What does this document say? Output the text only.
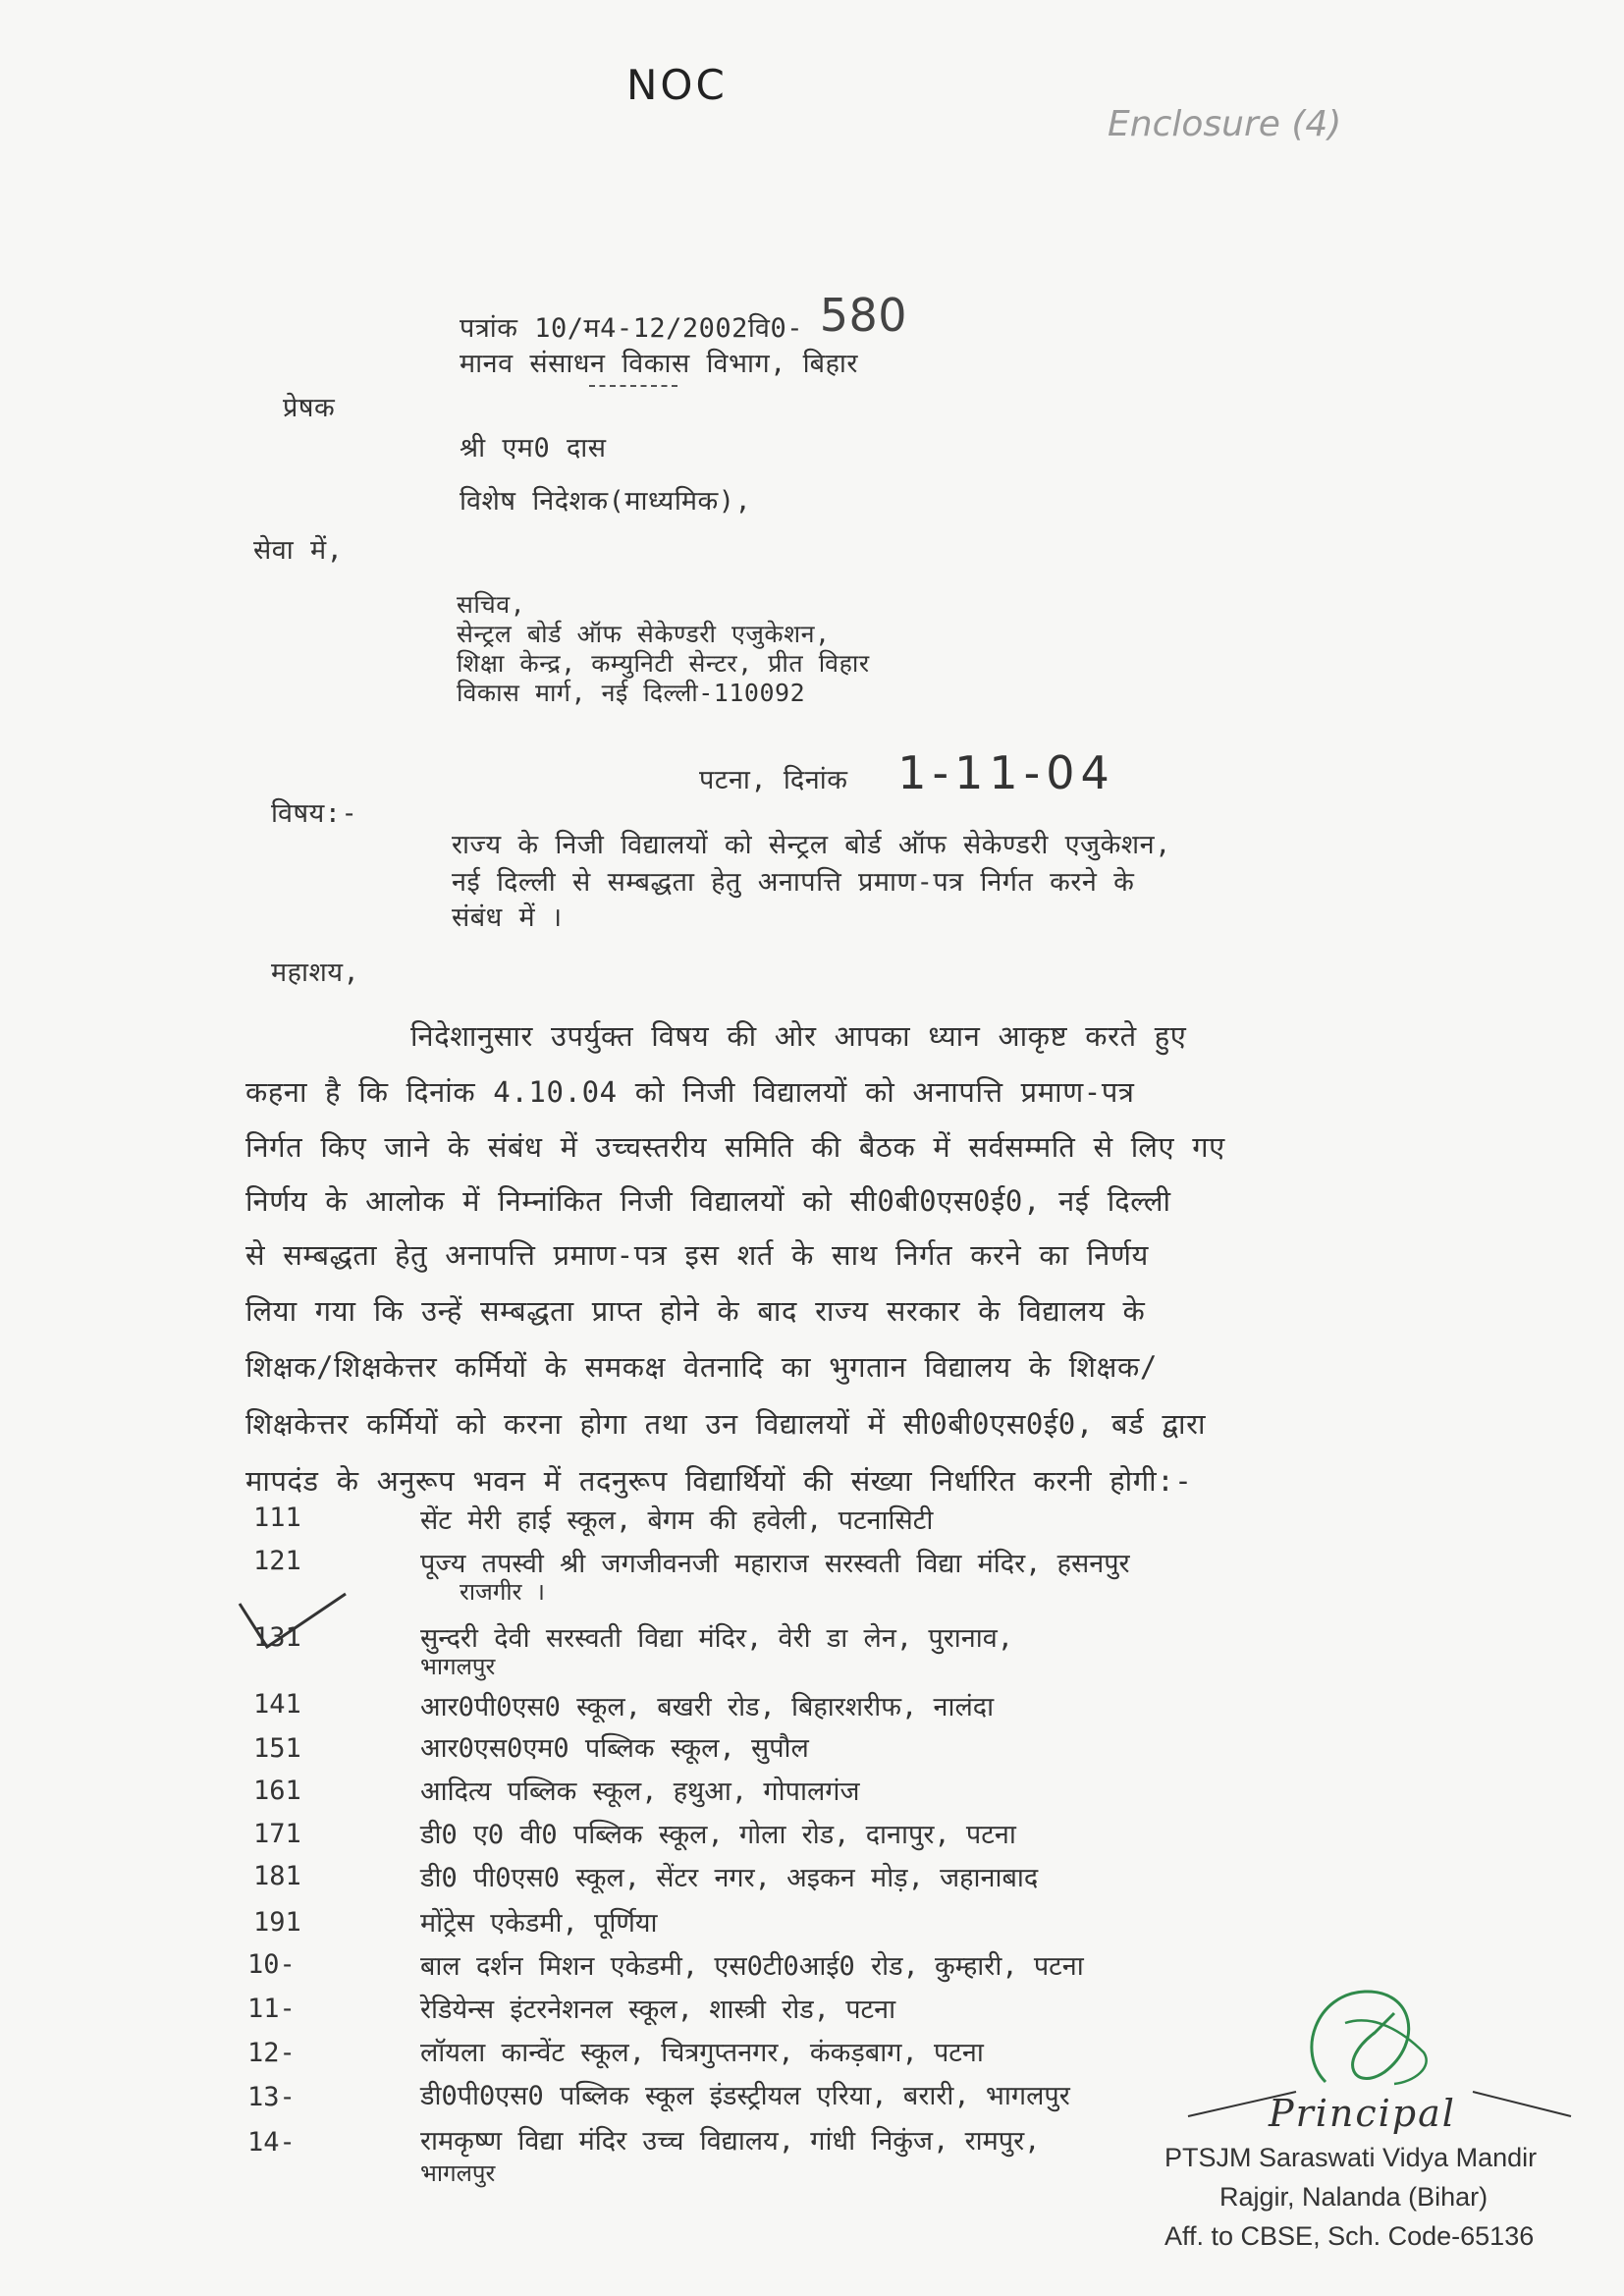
NOC
Enclosure (4)
पत्रांक 10/म4-12/2002वि0- 580
मानव संसाधन विकास विभाग, बिहार
प्रेषक
श्री एम0 दास
विशेष निदेशक(माध्यमिक),
सेवा में,
सचिव,
सेन्ट्रल बोर्ड ऑफ सेकेण्डरी एजुकेशन,
शिक्षा केन्द्र, कम्युनिटी सेन्टर, प्रीत विहार
विकास मार्ग, नई दिल्ली-110092
पटना, दिनांक 1-11-04
विषय:-
राज्य के निजी विद्यालयों को सेन्ट्रल बोर्ड ऑफ सेकेण्डरी एजुकेशन,
नई दिल्ली से सम्बद्धता हेतु अनापत्ति प्रमाण-पत्र निर्गत करने के
संबंध में ।
महाशय,
निदेशानुसार उपर्युक्त विषय की ओर आपका ध्यान आकृष्ट करते हुए
कहना है कि दिनांक 4.10.04 को निजी विद्यालयों को अनापत्ति प्रमाण-पत्र
निर्गत किए जाने के संबंध में उच्चस्तरीय समिति की बैठक में सर्वसम्मति से लिए गए
निर्णय के आलोक में निम्नांकित निजी विद्यालयों को सी0बी0एस0ई0, नई दिल्ली
से सम्बद्धता हेतु अनापत्ति प्रमाण-पत्र इस शर्त के साथ निर्गत करने का निर्णय
लिया गया कि उन्हें सम्बद्धता प्राप्त होने के बाद राज्य सरकार के विद्यालय के
शिक्षक/शिक्षकेत्तर कर्मियों के समकक्ष वेतनादि का भुगतान विद्यालय के शिक्षक/
शिक्षकेत्तर कर्मियों को करना होगा तथा उन विद्यालयों में सी0बी0एस0ई0, बर्ड द्वारा
मापदंड के अनुरूप भवन में तदनुरूप विद्यार्थियों की संख्या निर्धारित करनी होगी:-
111	सेंट मेरी हाई स्कूल, बेगम की हवेली, पटनासिटी
121	पूज्य तपस्वी श्री जगजीवनजी महाराज सरस्वती विद्या मंदिर, हसनपुर
राजगीर ।
131	सुन्दरी देवी सरस्वती विद्या मंदिर, वेरी डा लेन, पुरानाव,
भागलपुर
141	आर0पी0एस0 स्कूल, बखरी रोड, बिहारशरीफ, नालंदा
151	आर0एस0एम0 पब्लिक स्कूल, सुपौल
161	आदित्य पब्लिक स्कूल, हथुआ, गोपालगंज
171	डी0 ए0 वी0 पब्लिक स्कूल, गोला रोड, दानापुर, पटना
181	डी0 पी0एस0 स्कूल, सेंटर नगर, अइकन मोड़, जहानाबाद
191	मोंट्रेस एकेडमी, पूर्णिया
10-	बाल दर्शन मिशन एकेडमी, एस0टी0आई0 रोड, कुम्हारी, पटना
11-	रेडियेन्स इंटरनेशनल स्कूल, शास्त्री रोड, पटना
12-	लॉयला कान्वेंट स्कूल, चित्रगुप्तनगर, कंकड़बाग, पटना
13-	डी0पी0एस0 पब्लिक स्कूल इंडस्ट्रीयल एरिया, बरारी, भागलपुर
14-	रामकृष्ण विद्या मंदिर उच्च विद्यालय, गांधी निकुंज, रामपुर,
भागलपुर
Principal
PTSJM Saraswati Vidya Mandir
Rajgir, Nalanda (Bihar)
Aff. to CBSE, Sch. Code-65136
